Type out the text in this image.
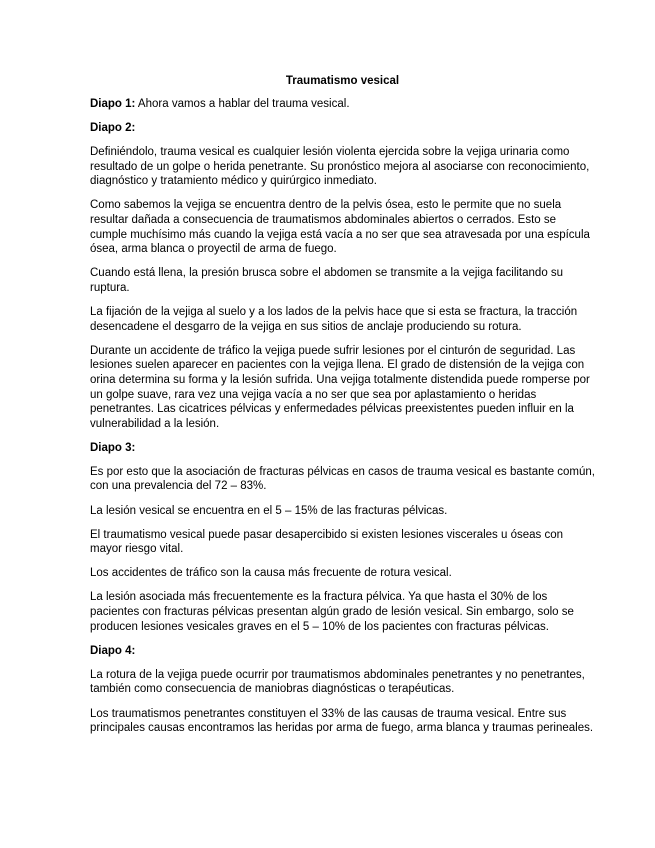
Traumatismo vesical

Diapo 1: Ahora vamos a hablar del trauma vesical.

Diapo 2:

Definiéndolo, trauma vesical es cualquier lesión violenta ejercida sobre la vejiga urinaria como resultado de un golpe o herida penetrante. Su pronóstico mejora al asociarse con reconocimiento, diagnóstico y tratamiento médico y quirúrgico inmediato.

Como sabemos la vejiga se encuentra dentro de la pelvis ósea, esto le permite que no suela resultar dañada a consecuencia de traumatismos abdominales abiertos o cerrados. Esto se cumple muchísimo más cuando la vejiga está vacía a no ser que sea atravesada por una espícula ósea, arma blanca o proyectil de arma de fuego.

Cuando está llena, la presión brusca sobre el abdomen se transmite a la vejiga facilitando su ruptura.

La fijación de la vejiga al suelo y a los lados de la pelvis hace que si esta se fractura, la tracción desencadene el desgarro de la vejiga en sus sitios de anclaje produciendo su rotura.

Durante un accidente de tráfico la vejiga puede sufrir lesiones por el cinturón de seguridad. Las lesiones suelen aparecer en pacientes con la vejiga llena. El grado de distensión de la vejiga con orina determina su forma y la lesión sufrida. Una vejiga totalmente distendida puede romperse por un golpe suave, rara vez una vejiga vacía a no ser que sea por aplastamiento o heridas penetrantes. Las cicatrices pélvicas y enfermedades pélvicas preexistentes pueden influir en la vulnerabilidad a la lesión.

Diapo 3:

Es por esto que la asociación de fracturas pélvicas en casos de trauma vesical es bastante común, con una prevalencia del 72 – 83%.

La lesión vesical se encuentra en el 5 – 15% de las fracturas pélvicas.

El traumatismo vesical puede pasar desapercibido si existen lesiones viscerales u óseas con mayor riesgo vital.

Los accidentes de tráfico son la causa más frecuente de rotura vesical.

La lesión asociada más frecuentemente es la fractura pélvica. Ya que hasta el 30% de los pacientes con fracturas pélvicas presentan algún grado de lesión vesical. Sin embargo, solo se producen lesiones vesicales graves en el 5 – 10% de los pacientes con fracturas pélvicas.

Diapo 4:

La rotura de la vejiga puede ocurrir por traumatismos abdominales penetrantes y no penetrantes, también como consecuencia de maniobras diagnósticas o terapéuticas.

Los traumatismos penetrantes constituyen el 33% de las causas de trauma vesical. Entre sus principales causas encontramos las heridas por arma de fuego, arma blanca y traumas perineales.
